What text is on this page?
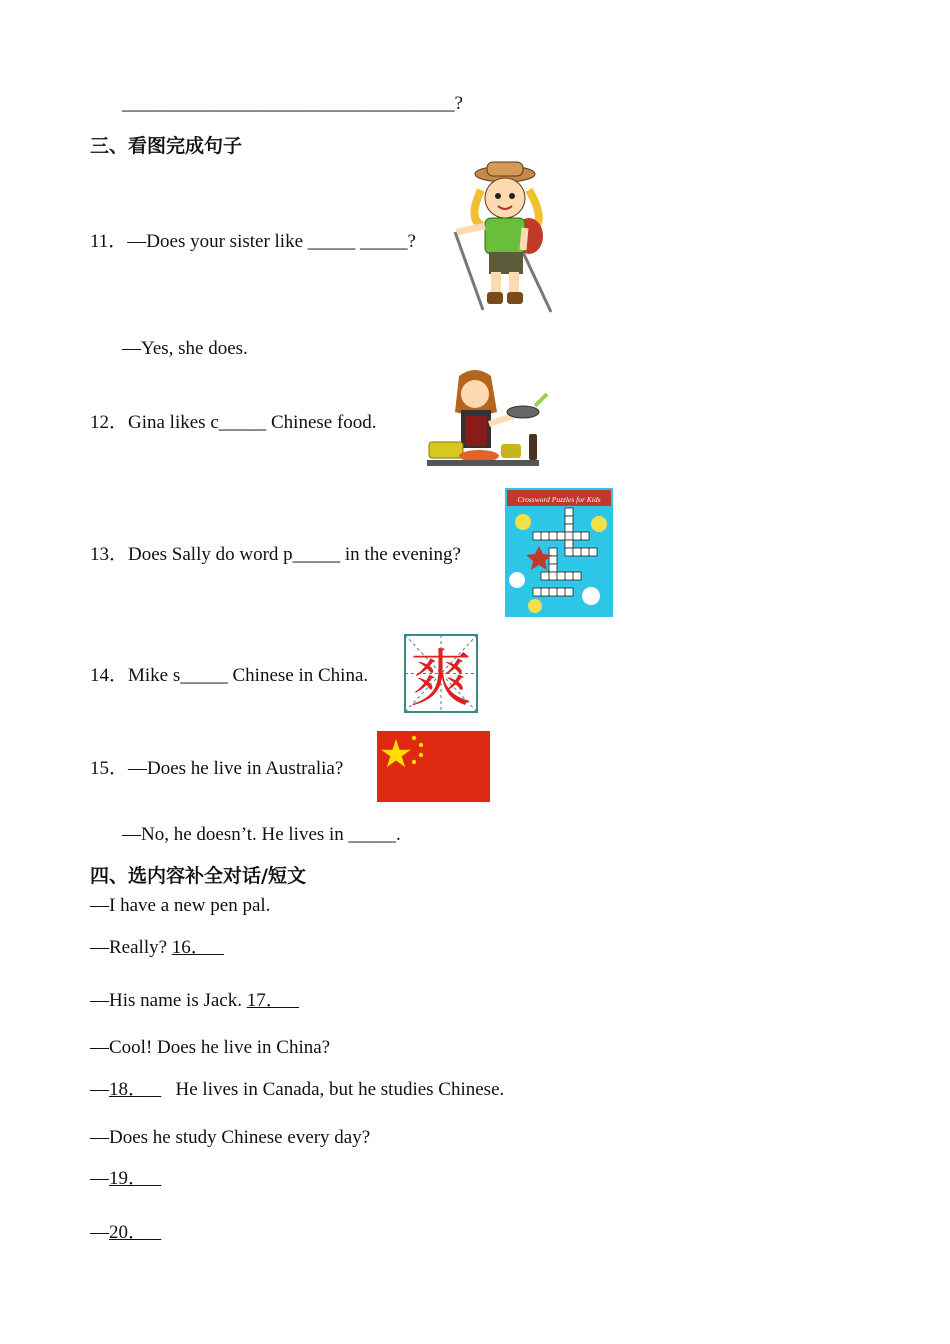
___________________________________?
三、看图完成句子
11．—Does your sister like _____ _____?
—Yes, she does.
12．Gina likes c_____ Chinese food.
13．Does Sally do word p_____ in the evening?
Crossword Puzzles for Kids
14．Mike s_____ Chinese in China. 爽
15．—Does he live in Australia?
—No, he doesn’t. He lives in _____.
四、选内容补全对话/短文
—I have a new pen pal.
—Really? 16．
—His name is Jack. 17．
—Cool! Does he live in China?
—18． He lives in Canada, but he studies Chinese.
—Does he study Chinese every day?
—19．
—20．
